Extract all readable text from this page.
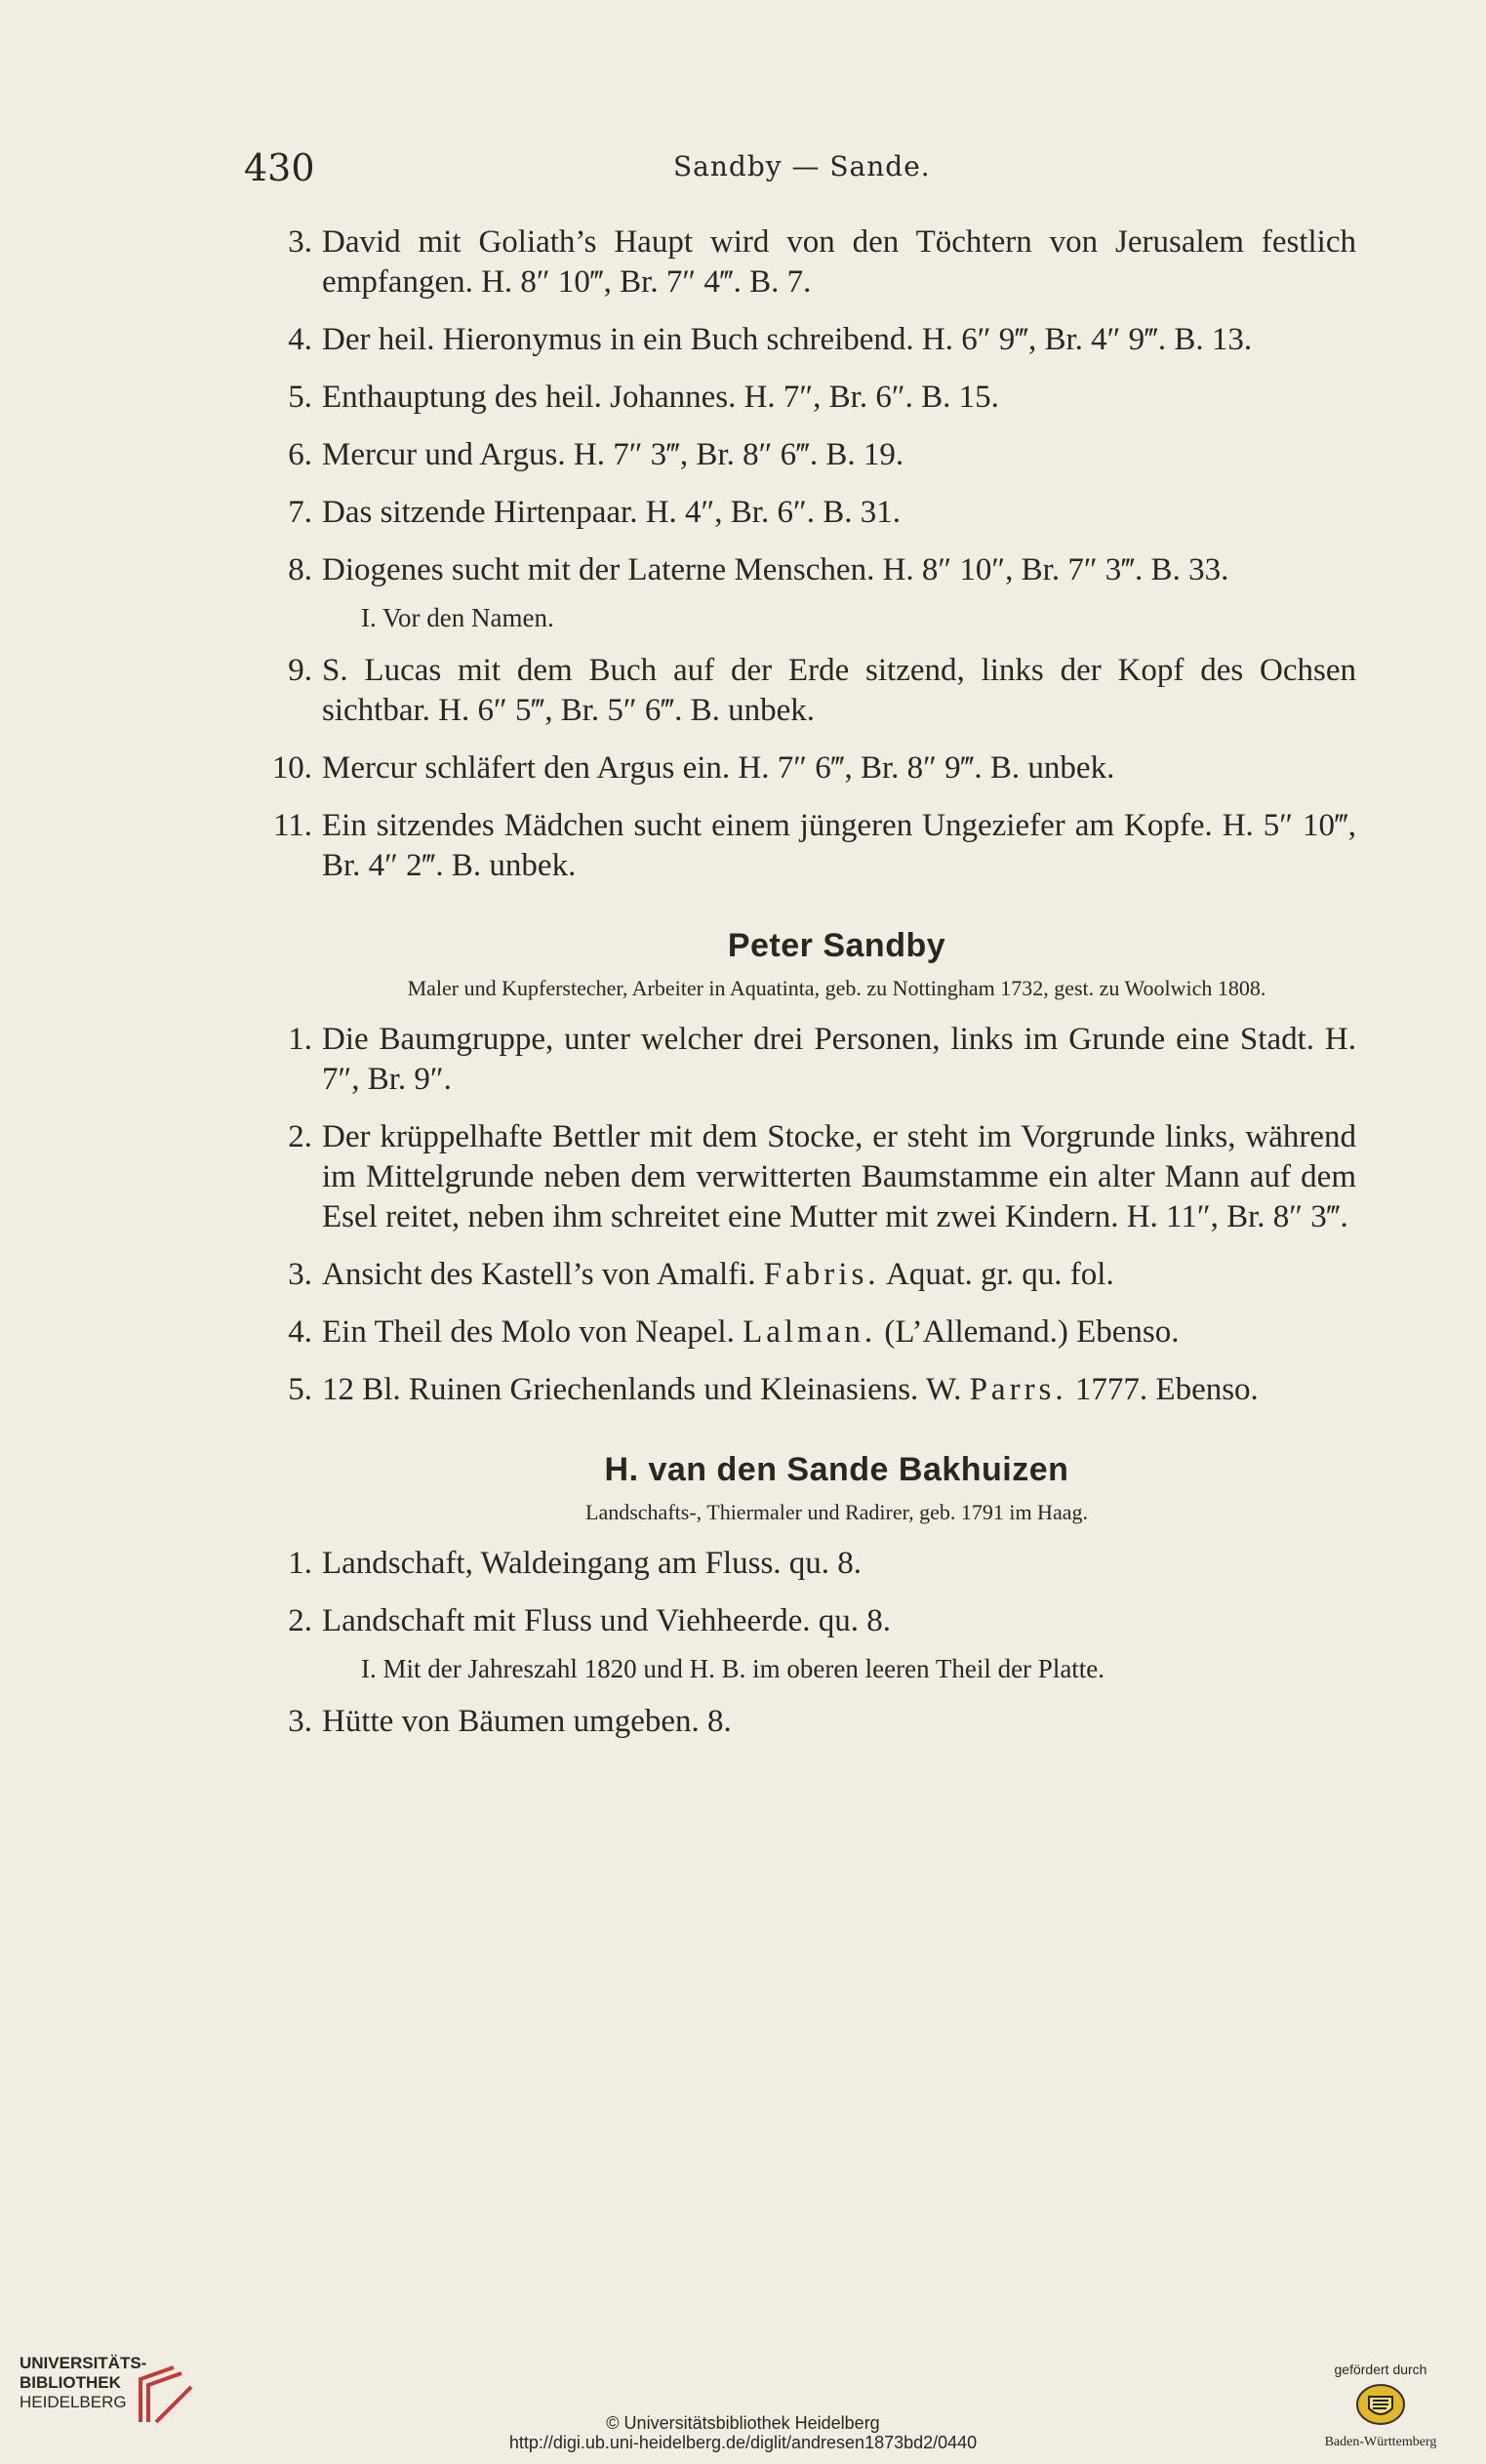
430	Sandby — Sande.
3. David mit Goliath’s Haupt wird von den Töchtern von Jerusalem festlich empfangen. H. 8″ 10‴, Br. 7″ 4‴. B. 7.
4. Der heil. Hieronymus in ein Buch schreibend. H. 6″ 9‴, Br. 4″ 9‴. B. 13.
5. Enthauptung des heil. Johannes. H. 7″, Br. 6″. B. 15.
6. Mercur und Argus. H. 7″ 3‴, Br. 8″ 6‴. B. 19.
7. Das sitzende Hirtenpaar. H. 4″, Br. 6″. B. 31.
8. Diogenes sucht mit der Laterne Menschen. H. 8″ 10″, Br. 7″ 3‴. B. 33.
I. Vor den Namen.
9. S. Lucas mit dem Buch auf der Erde sitzend, links der Kopf des Ochsen sichtbar. H. 6″ 5‴, Br. 5″ 6‴. B. unbek.
10. Mercur schläfert den Argus ein. H. 7″ 6‴, Br. 8″ 9‴. B. unbek.
11. Ein sitzendes Mädchen sucht einem jüngeren Ungeziefer am Kopfe. H. 5″ 10‴, Br. 4″ 2‴. B. unbek.
Peter Sandby
Maler und Kupferstecher, Arbeiter in Aquatinta, geb. zu Nottingham 1732, gest. zu Woolwich 1808.
1. Die Baumgruppe, unter welcher drei Personen, links im Grunde eine Stadt. H. 7″, Br. 9″.
2. Der krüppelhafte Bettler mit dem Stocke, er steht im Vorgrunde links, während im Mittelgrunde neben dem verwitterten Baumstamme ein alter Mann auf dem Esel reitet, neben ihm schreitet eine Mutter mit zwei Kindern. H. 11″, Br. 8″ 3‴.
3. Ansicht des Kastell’s von Amalfi. Fabris. Aquat. gr. qu. fol.
4. Ein Theil des Molo von Neapel. Lalman. (L’Allemand.) Ebenso.
5. 12 Bl. Ruinen Griechenlands und Kleinasiens. W. Parrs. 1777. Ebenso.
H. van den Sande Bakhuizen
Landschafts-, Thiermaler und Radirer, geb. 1791 im Haag.
1. Landschaft, Waldeingang am Fluss. qu. 8.
2. Landschaft mit Fluss und Viehheerde. qu. 8.
I. Mit der Jahreszahl 1820 und H. B. im oberen leeren Theil der Platte.
3. Hütte von Bäumen umgeben. 8.
UNIVERSITÄTS-
BIBLIOTHEK
HEIDELBERG
© Universitätsbibliothek Heidelberg
http://digi.ub.uni-heidelberg.de/diglit/andresen1873bd2/0440
gefördert durch
Baden-Württemberg
